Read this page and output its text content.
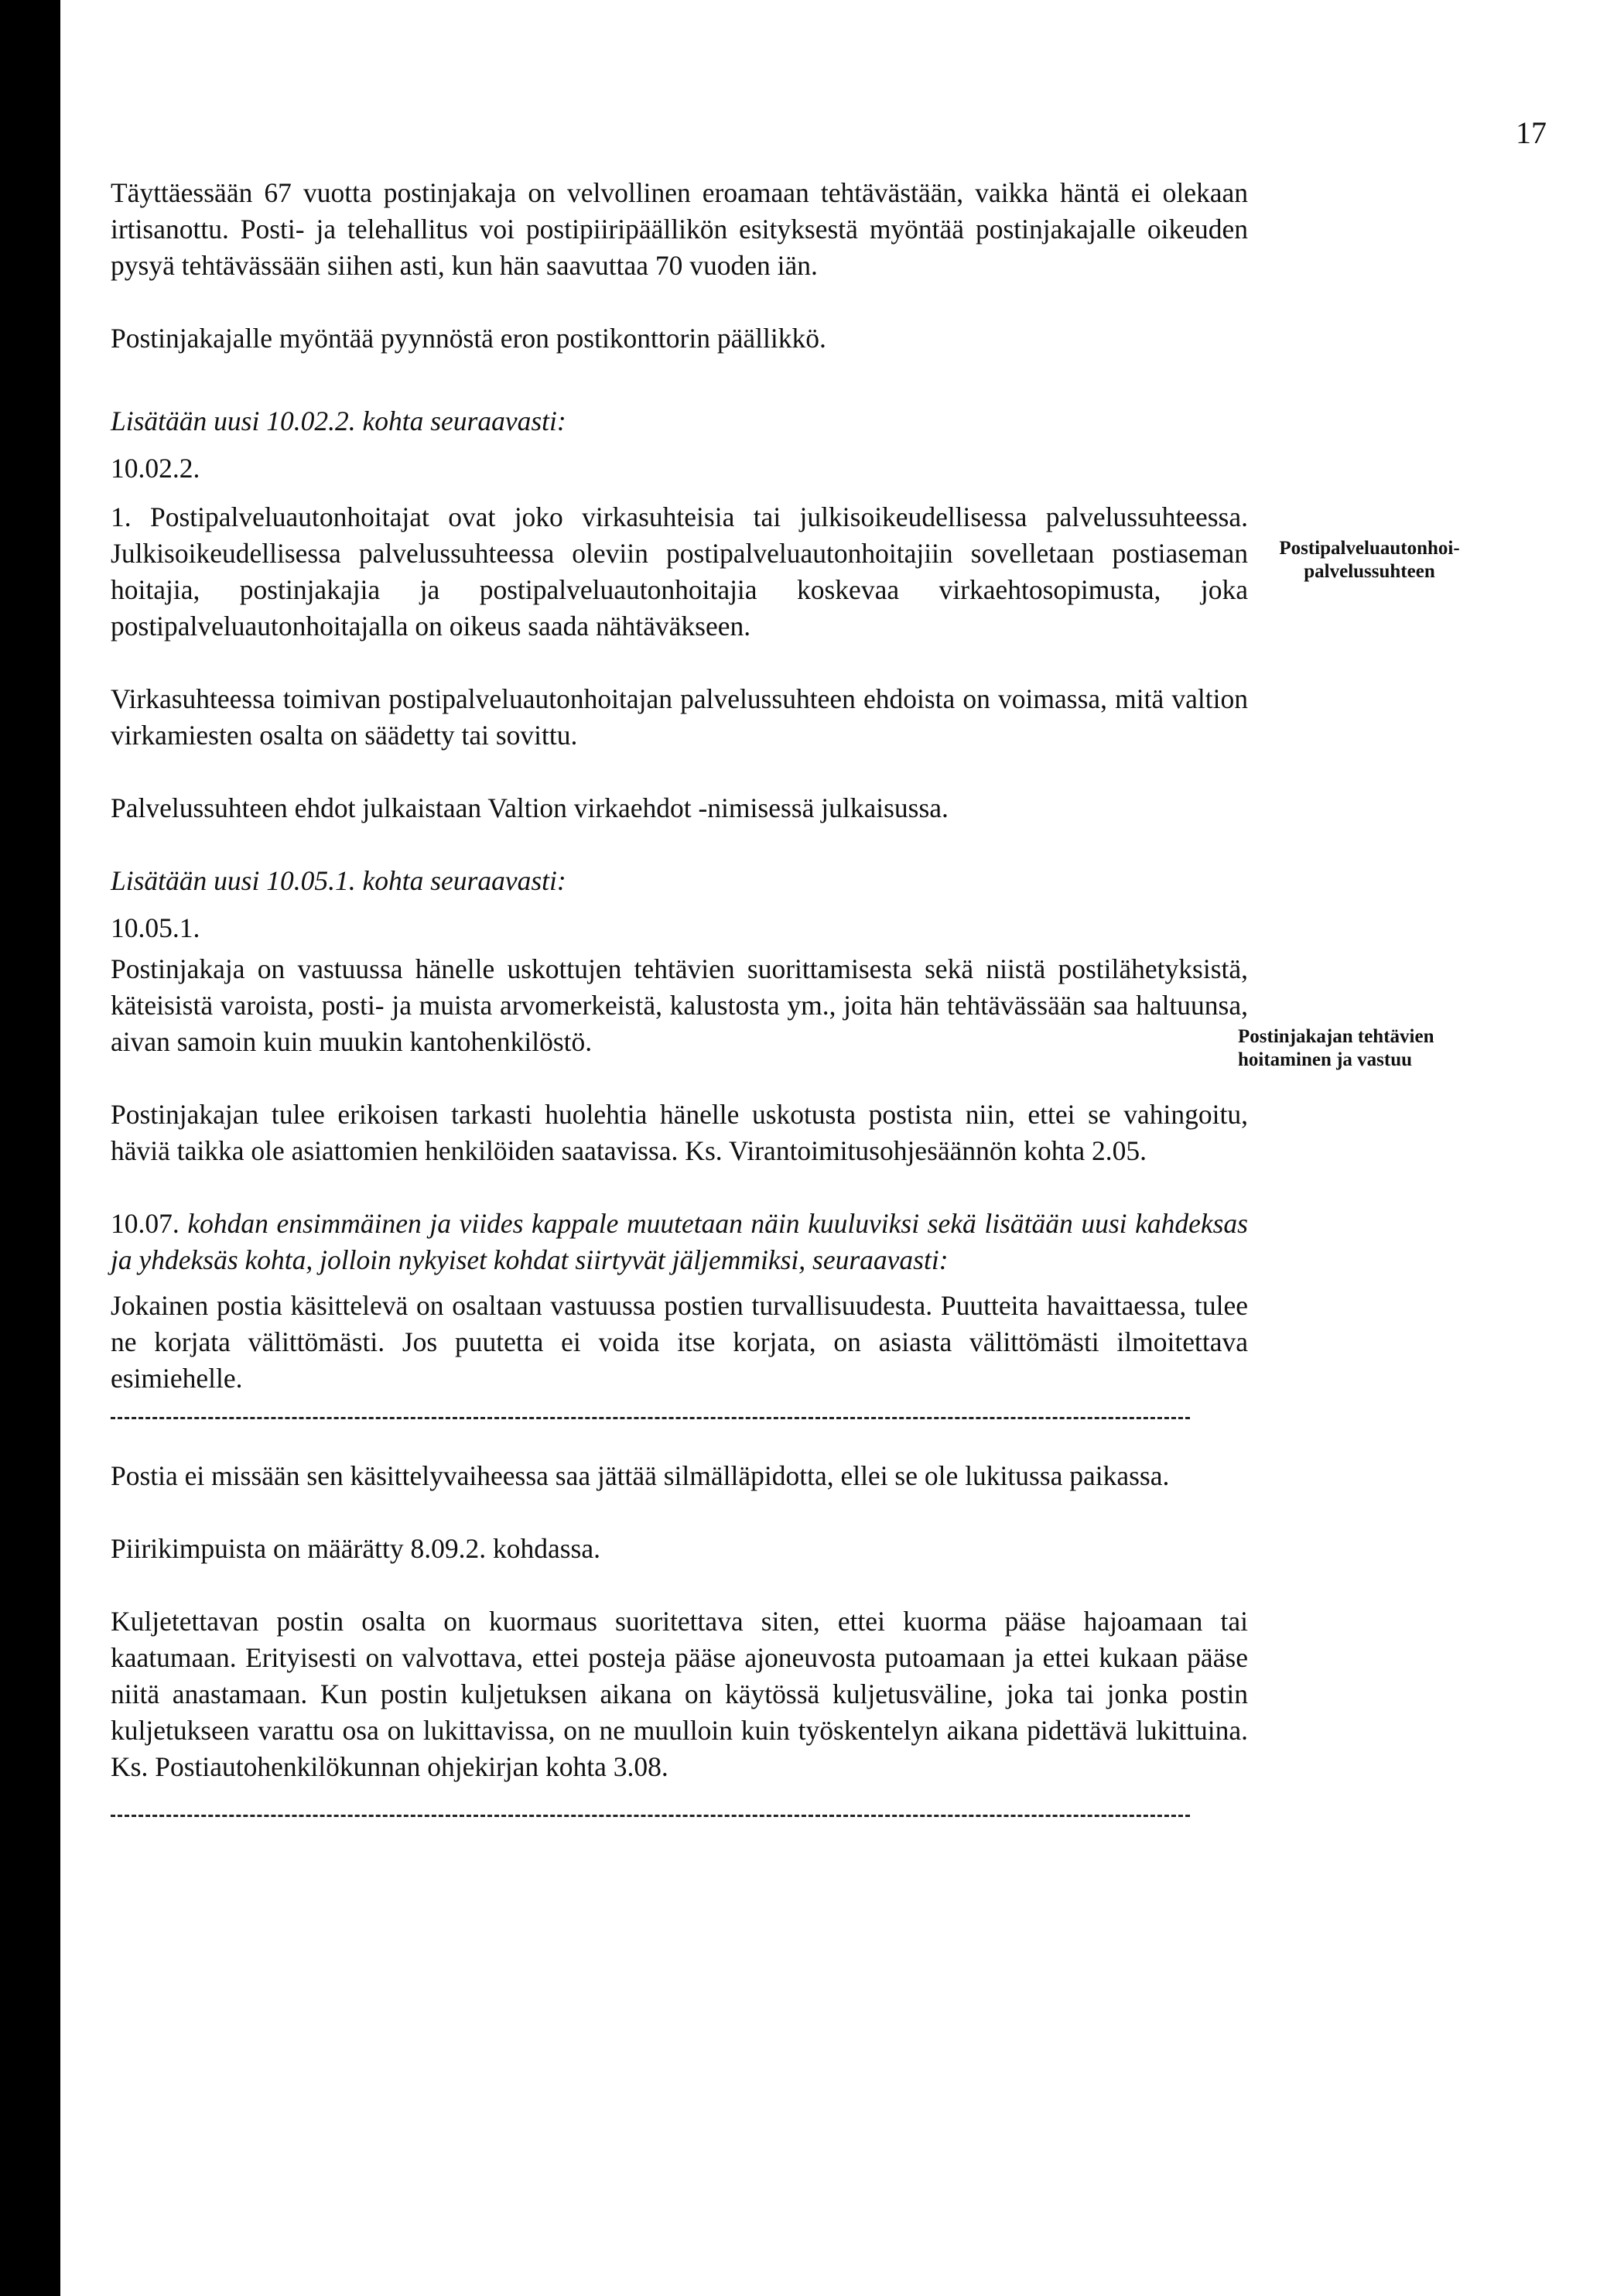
17
Postipalveluautonhoi-
palvelussuhteen
Postinjakajan tehtävien hoitaminen ja vastuu

Täyttäessään 67 vuotta postinjakaja on velvollinen eroamaan tehtävästään, vaikka häntä ei olekaan irtisanottu. Posti- ja telehallitus voi postipiiripäällikön esityksestä myöntää postinjakajalle oikeuden pysyä tehtävässään siihen asti, kun hän saavuttaa 70 vuoden iän.

Postinjakajalle myöntää pyynnöstä eron postikonttorin päällikkö.

Lisätään uusi 10.02.2. kohta seuraavasti:

10.02.2.

1. Postipalveluautonhoitajat ovat joko virkasuhteisia tai julkisoikeudellisessa palvelussuhteessa. Julkisoikeudellisessa palvelussuhteessa oleviin postipalveluautonhoitajiin sovelletaan postiaseman hoitajia, postinjakajia ja postipalveluautonhoitajia koskevaa virkaehtosopimusta, joka postipalveluautonhoitajalla on oikeus saada nähtäväkseen.

Virkasuhteessa toimivan postipalveluautonhoitajan palvelussuhteen ehdoista on voimassa, mitä valtion virkamiesten osalta on säädetty tai sovittu.

Palvelussuhteen ehdot julkaistaan Valtion virkaehdot -nimisessä julkaisussa.

Lisätään uusi 10.05.1. kohta seuraavasti:

10.05.1.

Postinjakaja on vastuussa hänelle uskottujen tehtävien suorittamisesta sekä niistä postilähetyksistä, käteisistä varoista, posti- ja muista arvomerkeistä, kalustosta ym., joita hän tehtävässään saa haltuunsa, aivan samoin kuin muukin kantohenkilöstö.

Postinjakajan tulee erikoisen tarkasti huolehtia hänelle uskotusta postista niin, ettei se vahingoitu, häviä taikka ole asiattomien henkilöiden saatavissa. Ks. Virantoimitusohjesäännön kohta 2.05.

10.07. kohdan ensimmäinen ja viides kappale muutetaan näin kuuluviksi sekä lisätään uusi kahdeksas ja yhdeksäs kohta, jolloin nykyiset kohdat siirtyvät jäljemmiksi, seuraavasti:

Jokainen postia käsittelevä on osaltaan vastuussa postien turvallisuudesta. Puutteita havaittaessa, tulee ne korjata välittömästi. Jos puutetta ei voida itse korjata, on asiasta välittömästi ilmoitettava esimiehelle.

Postia ei missään sen käsittelyvaiheessa saa jättää silmälläpidotta, ellei se ole lukitussa paikassa.

Piirikimpuista on määrätty 8.09.2. kohdassa.

Kuljetettavan postin osalta on kuormaus suoritettava siten, ettei kuorma pääse hajoamaan tai kaatumaan. Erityisesti on valvottava, ettei posteja pääse ajoneuvosta putoamaan ja ettei kukaan pääse niitä anastamaan. Kun postin kuljetuksen aikana on käytössä kuljetusväline, joka tai jonka postin kuljetukseen varattu osa on lukittavissa, on ne muulloin kuin työskentelyn aikana pidettävä lukittuina. Ks. Postiautohenkilökunnan ohjekirjan kohta 3.08.
